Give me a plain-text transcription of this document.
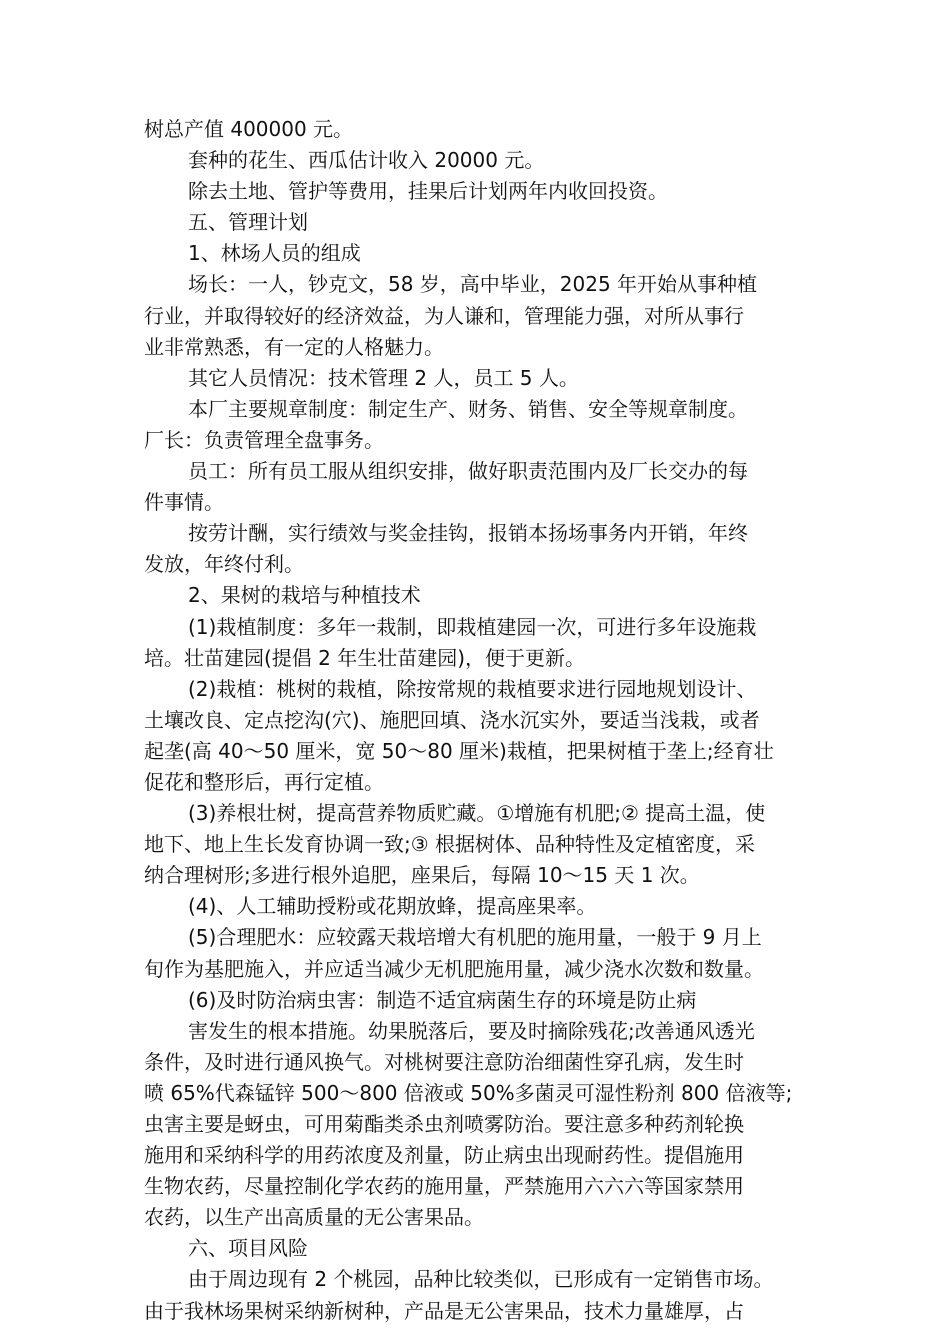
树总产值 400000 元。
套种的花生、西瓜估计收入 20000 元。
除去土地、管护等费用，挂果后计划两年内收回投资。
五、管理计划
1、林场人员的组成
场长：一人，钞克文，58 岁，高中毕业，2025 年开始从事种植
行业，并取得较好的经济效益，为人谦和，管理能力强，对所从事行
业非常熟悉，有一定的人格魅力。
其它人员情况：技术管理 2 人，员工 5 人。
本厂主要规章制度：制定生产、财务、销售、安全等规章制度。
厂长：负责管理全盘事务。
员工：所有员工服从组织安排，做好职责范围内及厂长交办的每
件事情。
按劳计酬，实行绩效与奖金挂钩，报销本扬场事务内开销，年终
发放，年终付利。
2、果树的栽培与种植技术
(1)栽植制度：多年一栽制，即栽植建园一次，可进行多年设施栽
培。壮苗建园(提倡 2 年生壮苗建园)，便于更新。
(2)栽植：桃树的栽植，除按常规的栽植要求进行园地规划设计、
土壤改良、定点挖沟(穴)、施肥回填、浇水沉实外，要适当浅栽，或者
起垄(高 40～50 厘米，宽 50～80 厘米)栽植，把果树植于垄上;经育壮
促花和整形后，再行定植。
(3)养根壮树，提高营养物质贮藏。①增施有机肥;② 提高土温，使
地下、地上生长发育协调一致;③ 根据树体、品种特性及定植密度，采
纳合理树形;多进行根外追肥，座果后，每隔 10～15 天 1 次。
(4)、人工辅助授粉或花期放蜂，提高座果率。
(5)合理肥水：应较露天栽培增大有机肥的施用量，一般于 9 月上
旬作为基肥施入，并应适当减少无机肥施用量，减少浇水次数和数量。
(6)及时防治病虫害：制造不适宜病菌生存的环境是防止病
害发生的根本措施。幼果脱落后，要及时摘除残花;改善通风透光
条件，及时进行通风换气。对桃树要注意防治细菌性穿孔病，发生时
喷 65%代森锰锌 500～800 倍液或 50%多菌灵可湿性粉剂 800 倍液等;
虫害主要是蚜虫，可用菊酯类杀虫剂喷雾防治。要注意多种药剂轮换
施用和采纳科学的用药浓度及剂量，防止病虫出现耐药性。提倡施用
生物农药，尽量控制化学农药的施用量，严禁施用六六六等国家禁用
农药，以生产出高质量的无公害果品。
六、项目风险
由于周边现有 2 个桃园，品种比较类似，已形成有一定销售市场。
由于我林场果树采纳新树种，产品是无公害果品，技术力量雄厚，占
